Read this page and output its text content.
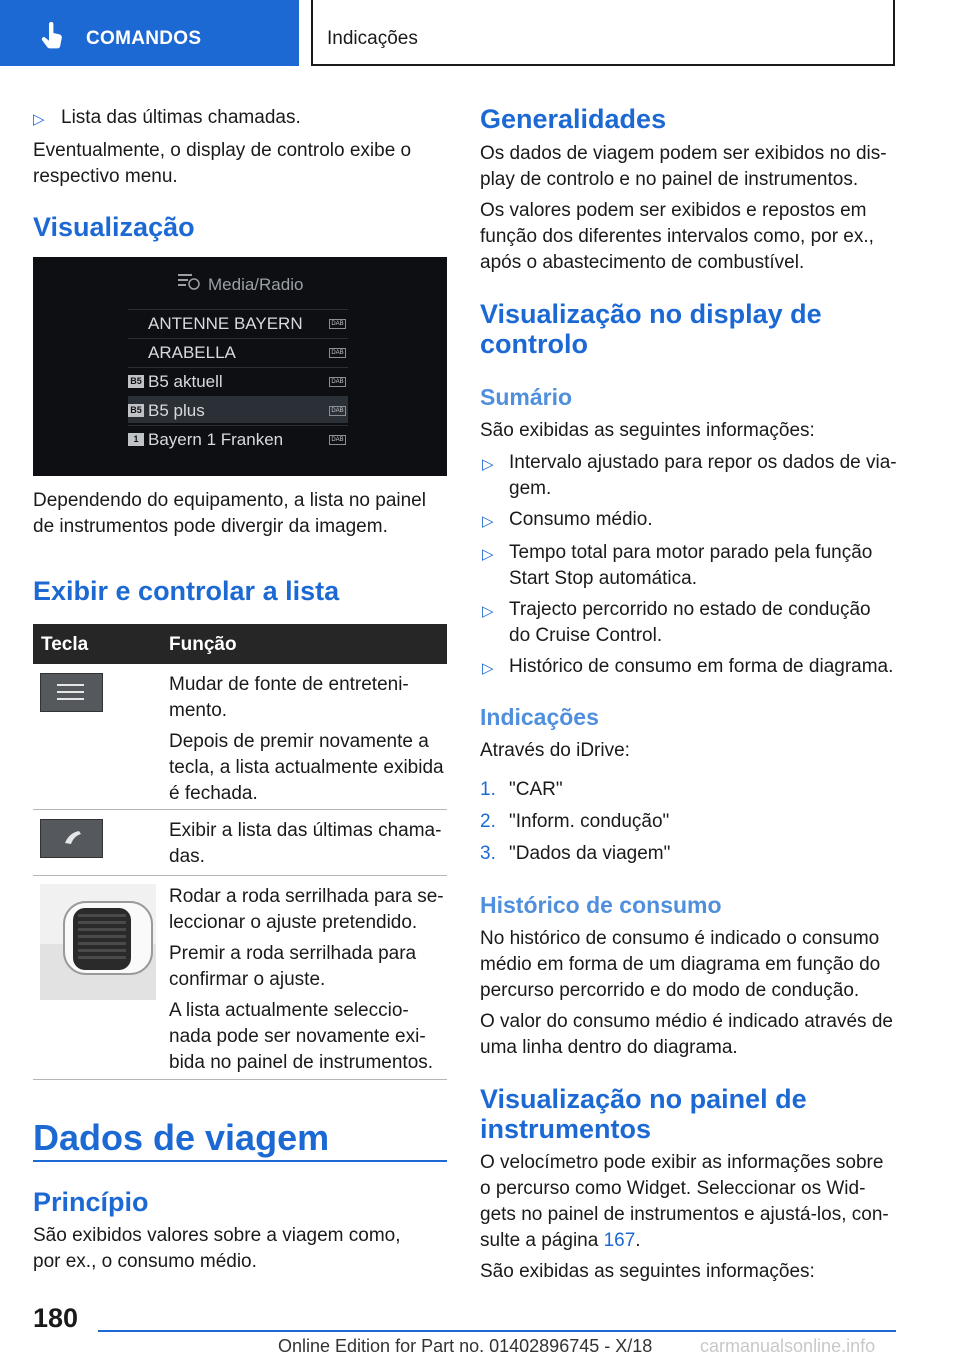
COMANDOS	Indicações
▷ Lista das últimas chamadas.
Eventualmente, o display de controlo exibe o
respectivo menu.
Visualização
Media/Radio
ANTENNE BAYERN	DAB
ARABELLA	DAB
B5 B5 aktuell	DAB
B5 B5 plus	DAB
1 Bayern 1 Franken	DAB
Dependendo do equipamento, a lista no painel
de instrumentos pode divergir da imagem.
Exibir e controlar a lista
Tecla	Função
Mudar de fonte de entreteni-
mento.
Depois de premir novamente a
tecla, a lista actualmente exibida
é fechada.
Exibir a lista das últimas chama-
das.
Rodar a roda serrilhada para se-
leccionar o ajuste pretendido.
Premir a roda serrilhada para
confirmar o ajuste.
A lista actualmente seleccio-
nada pode ser novamente exi-
bida no painel de instrumentos.
Dados de viagem
Princípio
São exibidos valores sobre a viagem como,
por ex., o consumo médio.
Generalidades
Os dados de viagem podem ser exibidos no dis-
play de controlo e no painel de instrumentos.
Os valores podem ser exibidos e repostos em
função dos diferentes intervalos como, por ex.,
após o abastecimento de combustível.
Visualização no display de
controlo
Sumário
São exibidas as seguintes informações:
▷ Intervalo ajustado para repor os dados de via-
gem.
▷ Consumo médio.
▷ Tempo total para motor parado pela função
Start Stop automática.
▷ Trajecto percorrido no estado de condução
do Cruise Control.
▷ Histórico de consumo em forma de diagrama.
Indicações
Através do iDrive:
1. "CAR"
2. "Inform. condução"
3. "Dados da viagem"
Histórico de consumo
No histórico de consumo é indicado o consumo
médio em forma de um diagrama em função do
percurso percorrido e do modo de condução.
O valor do consumo médio é indicado através de
uma linha dentro do diagrama.
Visualização no painel de
instrumentos
O velocímetro pode exibir as informações sobre
o percurso como Widget. Seleccionar os Wid-
gets no painel de instrumentos e ajustá-los, con-
sulte a página 167.
São exibidas as seguintes informações:
180
Online Edition for Part no. 01402896745 - X/18	carmanualsonline.info
